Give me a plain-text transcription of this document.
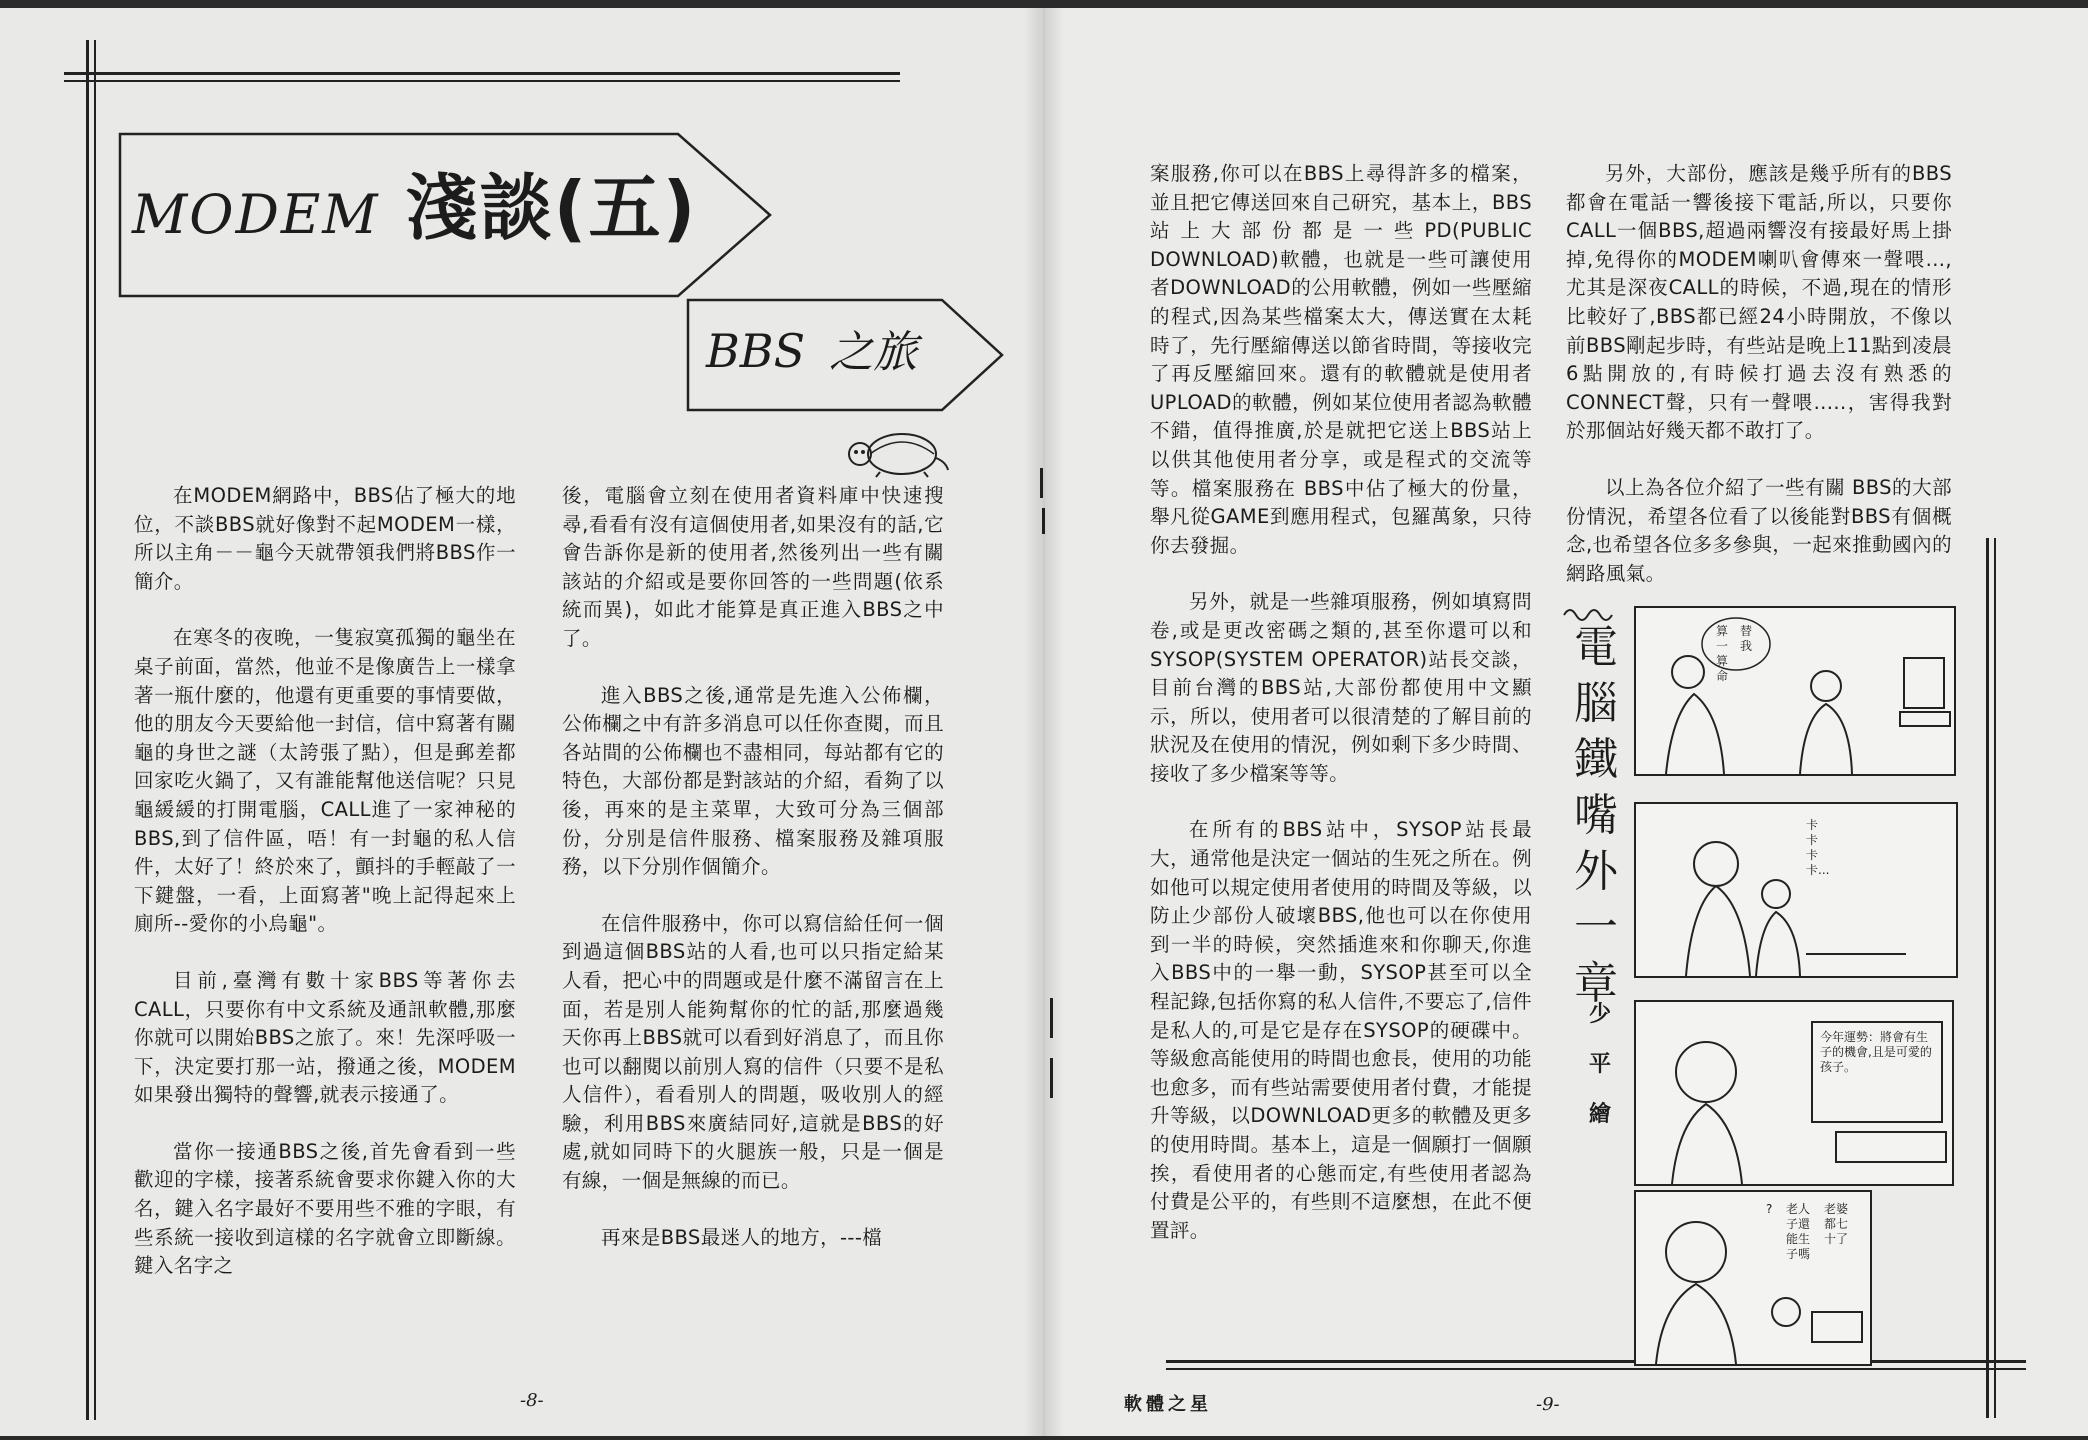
MODEM 淺談(五)
BBS 之旅

在MODEM網路中，BBS佔了極大的地位，不談BBS就好像對不起MODEM一樣，所以主角－－龜今天就帶領我們將BBS作一簡介。

在寒冬的夜晚，一隻寂寞孤獨的龜坐在桌子前面，當然，他並不是像廣告上一樣拿著一瓶什麼的，他還有更重要的事情要做，他的朋友今天要給他一封信，信中寫著有關龜的身世之謎（太誇張了點），但是郵差都回家吃火鍋了，又有誰能幫他送信呢？只見龜緩緩的打開電腦，CALL進了一家神秘的BBS,到了信件區，唔！有一封龜的私人信件，太好了！終於來了，顫抖的手輕敲了一下鍵盤，一看，上面寫著"晚上記得起來上廁所--愛你的小烏龜"。

目前,臺灣有數十家BBS等著你去CALL，只要你有中文系統及通訊軟體,那麼你就可以開始BBS之旅了。來！先深呼吸一下，決定要打那一站，撥通之後，MODEM如果發出獨特的聲響,就表示接通了。

當你一接通BBS之後,首先會看到一些歡迎的字樣，接著系統會要求你鍵入你的大名，鍵入名字最好不要用些不雅的字眼，有些系統一接收到這樣的名字就會立即斷線。鍵入名字之

後，電腦會立刻在使用者資料庫中快速搜尋,看看有沒有這個使用者,如果沒有的話,它會告訴你是新的使用者,然後列出一些有關該站的介紹或是要你回答的一些問題(依系統而異)，如此才能算是真正進入BBS之中了。

進入BBS之後,通常是先進入公佈欄，公佈欄之中有許多消息可以任你查閱，而且各站間的公佈欄也不盡相同，每站都有它的特色，大部份都是對該站的介紹，看夠了以後，再來的是主菜單，大致可分為三個部份，分別是信件服務、檔案服務及雜項服務，以下分別作個簡介。

在信件服務中，你可以寫信給任何一個到過這個BBS站的人看,也可以只指定給某人看，把心中的問題或是什麼不滿留言在上面，若是別人能夠幫你的忙的話,那麼過幾天你再上BBS就可以看到好消息了，而且你也可以翻閱以前別人寫的信件（只要不是私人信件），看看別人的問題，吸收別人的經驗，利用BBS來廣結同好,這就是BBS的好處,就如同時下的火腿族一般，只是一個是有線，一個是無線的而已。

再來是BBS最迷人的地方，---檔

-8-

案服務,你可以在BBS上尋得許多的檔案，並且把它傳送回來自己研究，基本上，BBS站上大部份都是一些PD(PUBLIC DOWNLOAD)軟體，也就是一些可讓使用者DOWNLOAD的公用軟體，例如一些壓縮的程式,因為某些檔案太大，傳送實在太耗時了，先行壓縮傳送以節省時間，等接收完了再反壓縮回來。還有的軟體就是使用者UPLOAD的軟體，例如某位使用者認為軟體不錯，值得推廣,於是就把它送上BBS站上以供其他使用者分享，或是程式的交流等等。檔案服務在 BBS中佔了極大的份量，舉凡從GAME到應用程式，包羅萬象，只待你去發掘。

另外，就是一些雜項服務，例如填寫問卷,或是更改密碼之類的,甚至你還可以和SYSOP(SYSTEM OPERATOR)站長交談，目前台灣的BBS站,大部份都使用中文顯示，所以，使用者可以很清楚的了解目前的狀況及在使用的情況，例如剩下多少時間、接收了多少檔案等等。

在所有的BBS站中，SYSOP站長最大，通常他是決定一個站的生死之所在。例如他可以規定使用者使用的時間及等級，以防止少部份人破壞BBS,他也可以在你使用到一半的時候，突然插進來和你聊天,你進入BBS中的一舉一動，SYSOP甚至可以全程記錄,包括你寫的私人信件,不要忘了,信件是私人的,可是它是存在SYSOP的硬碟中。等級愈高能使用的時間也愈長，使用的功能也愈多，而有些站需要使用者付費，才能提升等級，以DOWNLOAD更多的軟體及更多的使用時間。基本上，這是一個願打一個願挨，看使用者的心態而定,有些使用者認為付費是公平的，有些則不這麼想，在此不便置評。

另外，大部份，應該是幾乎所有的BBS都會在電話一響後接下電話,所以，只要你CALL一個BBS,超過兩響沒有接最好馬上掛掉,免得你的MODEM喇叭會傳來一聲喂...,尤其是深夜CALL的時候，不過,現在的情形比較好了,BBS都已經24小時開放，不像以前BBS剛起步時，有些站是晚上11點到凌晨6點開放的,有時候打過去沒有熟悉的CONNECT聲，只有一聲喂.....，害得我對於那個站好幾天都不敢打了。

以上為各位介紹了一些有關 BBS的大部份情況，希望各位看了以後能對BBS有個概念,也希望各位多多參與，一起來推動國內的網路風氣。

軟體之星	-9-
電腦鐵嘴外一章
少平繪
算一算命
替我
卡卡卡卡...
今年運勢：將會有生子的機會,且是可愛的孩子。
? 老人子還能生子嗎
老婆都七十了
